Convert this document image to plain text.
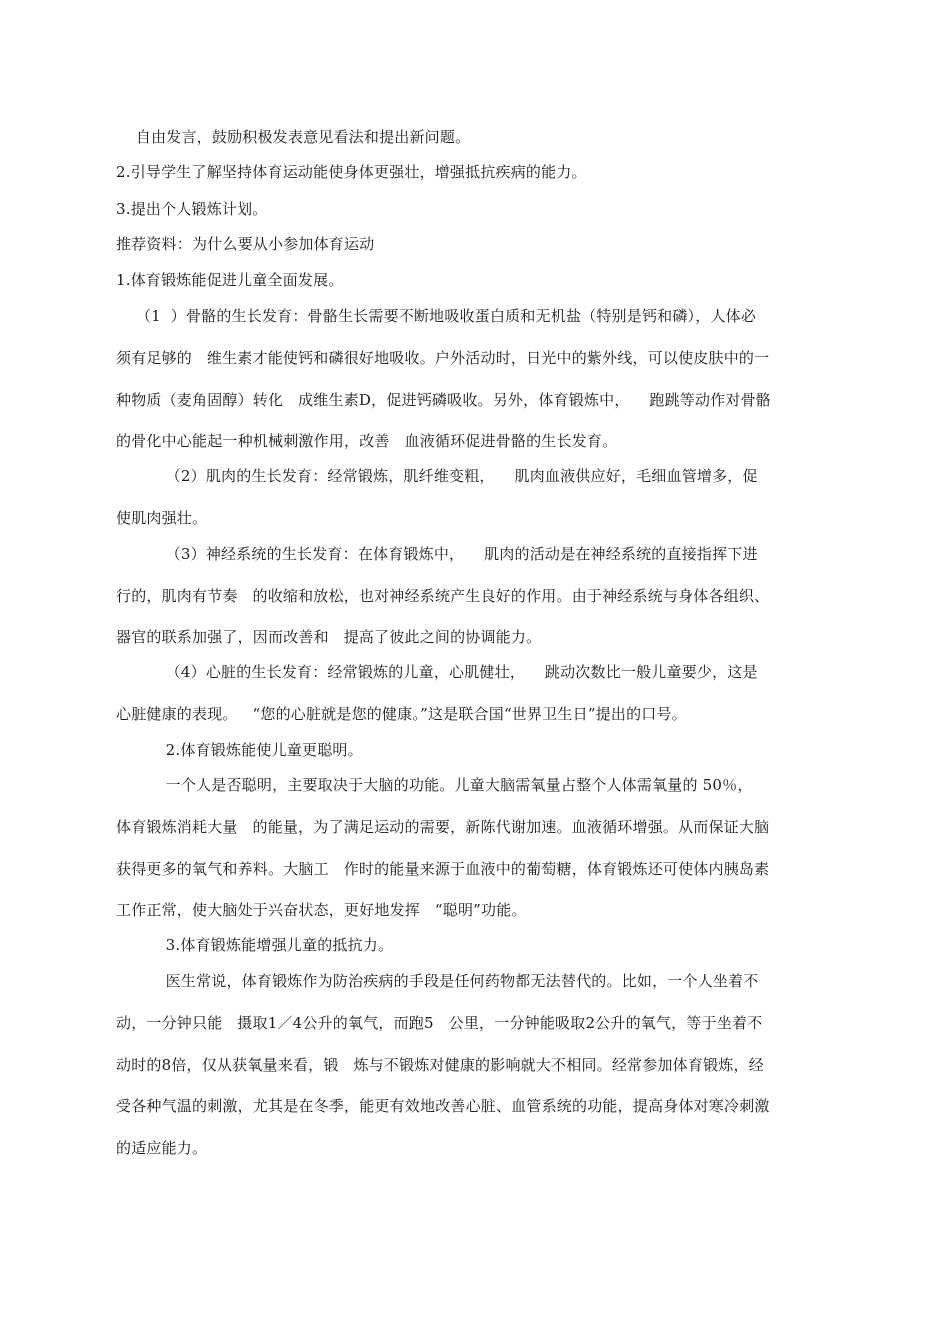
自由发言，鼓励积极发表意见看法和提出新问题。
2.引导学生了解坚持体育运动能使身体更强壮，增强抵抗疾病的能力。
3.提出个人锻炼计划。
推荐资料：为什么要从小参加体育运动
1.体育锻炼能促进儿童全面发展。
（1  ）骨骼的生长发育：骨骼生长需要不断地吸收蛋白质和无机盐（特别是钙和磷），人体必
须有足够的   维生素才能使钙和磷很好地吸收。户外活动时，日光中的紫外线，可以使皮肤中的一
种物质（麦角固醇）转化   成维生素D，促进钙磷吸收。另外，体育锻炼中，    跑跳等动作对骨骼
的骨化中心能起一种机械刺激作用，改善   血液循环促进骨骼的生长发育。
（2）肌肉的生长发育：经常锻炼，肌纤维变粗，    肌肉血液供应好，毛细血管增多，促
使肌肉强壮。
（3）神经系统的生长发育：在体育锻炼中，    肌肉的活动是在神经系统的直接指挥下进
行的，肌肉有节奏   的收缩和放松，也对神经系统产生良好的作用。由于神经系统与身体各组织、
器官的联系加强了，因而改善和   提高了彼此之间的协调能力。
（4）心脏的生长发育：经常锻炼的儿童，心肌健壮，    跳动次数比一般儿童要少，这是
心脏健康的表现。   “您的心脏就是您的健康。”这是联合国“世界卫生日”提出的口号。
2.体育锻炼能使儿童更聪明。
一个人是否聪明，主要取决于大脑的功能。儿童大脑需氧量占整个人体需氧量的 50％，
体育锻炼消耗大量   的能量，为了满足运动的需要，新陈代谢加速。血液循环增强。从而保证大脑
获得更多的氧气和养料。大脑工   作时的能量来源于血液中的葡萄糖，体育锻炼还可使体内胰岛素
工作正常，使大脑处于兴奋状态，更好地发挥   “聪明”功能。
3.体育锻炼能增强儿童的抵抗力。
医生常说，体育锻炼作为防治疾病的手段是任何药物都无法替代的。比如，一个人坐着不
动，一分钟只能   摄取1／4公升的氧气，而跑5   公里，一分钟能吸取2公升的氧气，等于坐着不
动时的8倍，仅从获氧量来看，锻   炼与不锻炼对健康的影响就大不相同。经常参加体育锻炼，经
受各种气温的刺激，尤其是在冬季，能更有效地改善心脏、血管系统的功能，提高身体对寒冷刺激
的适应能力。
